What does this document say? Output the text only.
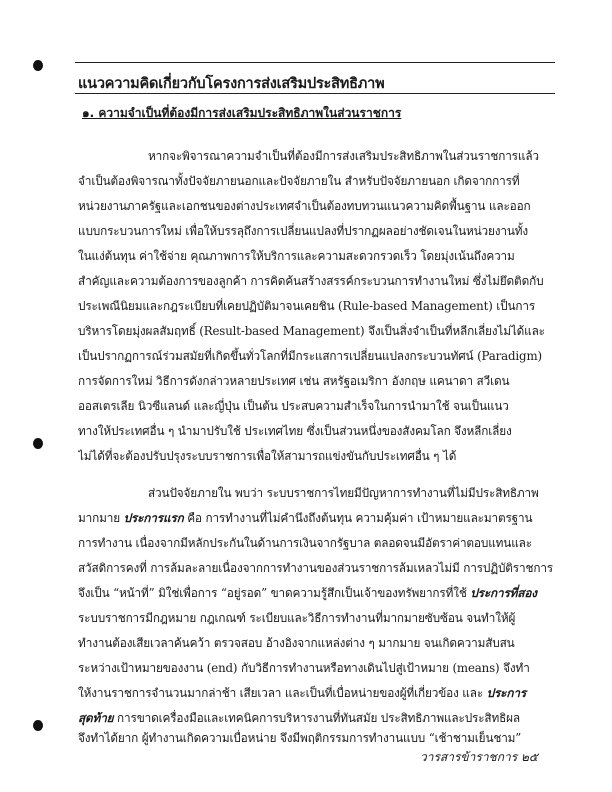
แนวความคิดเกี่ยวกับโครงการส่งเสริมประสิทธิภาพ
๑. ความจำเป็นที่ต้องมีการส่งเสริมประสิทธิภาพในส่วนราชการ
หากจะพิจารณาความจำเป็นที่ต้องมีการส่งเสริมประสิทธิภาพในส่วนราชการแล้ว
จำเป็นต้องพิจารณาทั้งปัจจัยภายนอกและปัจจัยภายใน สำหรับปัจจัยภายนอก เกิดจากการที่
หน่วยงานภาครัฐและเอกชนของต่างประเทศจำเป็นต้องทบทวนแนวความคิดพื้นฐาน และออก
แบบกระบวนการใหม่ เพื่อให้บรรลุถึงการเปลี่ยนแปลงที่ปรากฏผลอย่างชัดเจนในหน่วยงานทั้ง
ในแง่ต้นทุน ค่าใช้จ่าย คุณภาพการให้บริการและความสะดวกรวดเร็ว โดยมุ่งเน้นถึงความ
สำคัญและความต้องการของลูกค้า การคิดค้นสร้างสรรค์กระบวนการทำงานใหม่ ซึ่งไม่ยึดติดกับ
ประเพณีนิยมและกฎระเบียบที่เคยปฏิบัติมาจนเคยชิน (Rule-based Management) เป็นการ
บริหารโดยมุ่งผลสัมฤทธิ์ (Result-based Management) จึงเป็นสิ่งจำเป็นที่หลีกเลี่ยงไม่ได้และ
เป็นปรากฏการณ์ร่วมสมัยที่เกิดขึ้นทั่วโลกที่มีกระแสการเปลี่ยนแปลงกระบวนทัศน์ (Paradigm)
การจัดการใหม่ วิธีการดังกล่าวหลายประเทศ เช่น สหรัฐอเมริกา อังกฤษ แคนาดา สวีเดน
ออสเตรเลีย นิวซีแลนด์ และญี่ปุ่น เป็นต้น ประสบความสำเร็จในการนำมาใช้ จนเป็นแนว
ทางให้ประเทศอื่น ๆ นำมาปรับใช้ ประเทศไทย ซึ่งเป็นส่วนหนึ่งของสังคมโลก จึงหลีกเลี่ยง
ไม่ได้ที่จะต้องปรับปรุงระบบราชการเพื่อให้สามารถแข่งขันกับประเทศอื่น ๆ ได้
ส่วนปัจจัยภายใน พบว่า ระบบราชการไทยมีปัญหาการทำงานที่ไม่มีประสิทธิภาพ
มากมาย ประการแรก คือ การทำงานที่ไม่คำนึงถึงต้นทุน ความคุ้มค่า เป้าหมายและมาตรฐาน
การทำงาน เนื่องจากมีหลักประกันในด้านการเงินจากรัฐบาล ตลอดจนมีอัตราค่าตอบแทนและ
สวัสดิการคงที่ การล้มละลายเนื่องจากการทำงานของส่วนราชการล้มเหลวไม่มี การปฏิบัติราชการ
จึงเป็น “หน้าที่” มิใช่เพื่อการ “อยู่รอด” ขาดความรู้สึกเป็นเจ้าของทรัพยากรที่ใช้ ประการที่สอง
ระบบราชการมีกฎหมาย กฎเกณฑ์ ระเบียบและวิธีการทำงานที่มากมายซับซ้อน จนทำให้ผู้
ทำงานต้องเสียเวลาค้นคว้า ตรวจสอบ อ้างอิงจากแหล่งต่าง ๆ มากมาย จนเกิดความสับสน
ระหว่างเป้าหมายของงาน (end) กับวิธีการทำงานหรือทางเดินไปสู่เป้าหมาย (means) จึงทำ
ให้งานราชการจำนวนมากล่าช้า เสียเวลา และเป็นที่เบื่อหน่ายของผู้ที่เกี่ยวข้อง และ ประการ
สุดท้าย การขาดเครื่องมือและเทคนิคการบริหารงานที่ทันสมัย ประสิทธิภาพและประสิทธิผล
จึงทำได้ยาก ผู้ทำงานเกิดความเบื่อหน่าย จึงมีพฤติกรรมการทำงานแบบ “เช้าชามเย็นชาม”
วารสารข้าราชการ ๒๕
